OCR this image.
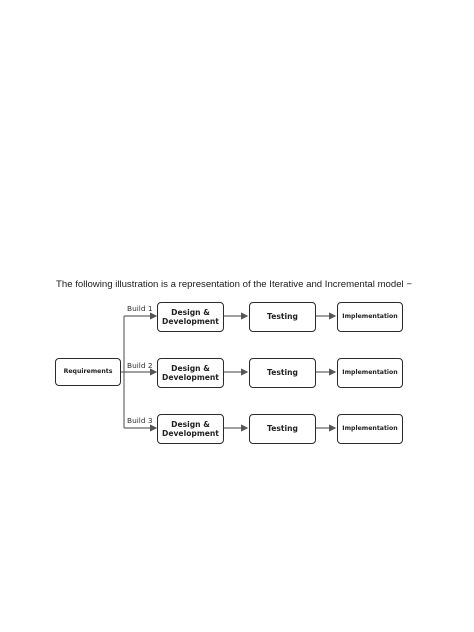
The following illustration is a representation of the Iterative and Incremental model −
Requirements
Build 1 Design &
Development
Testing	Implementation
Build 2 Design &
Development
Testing	Implementation
Build 3 Design &
Development
Testing	Implementation
